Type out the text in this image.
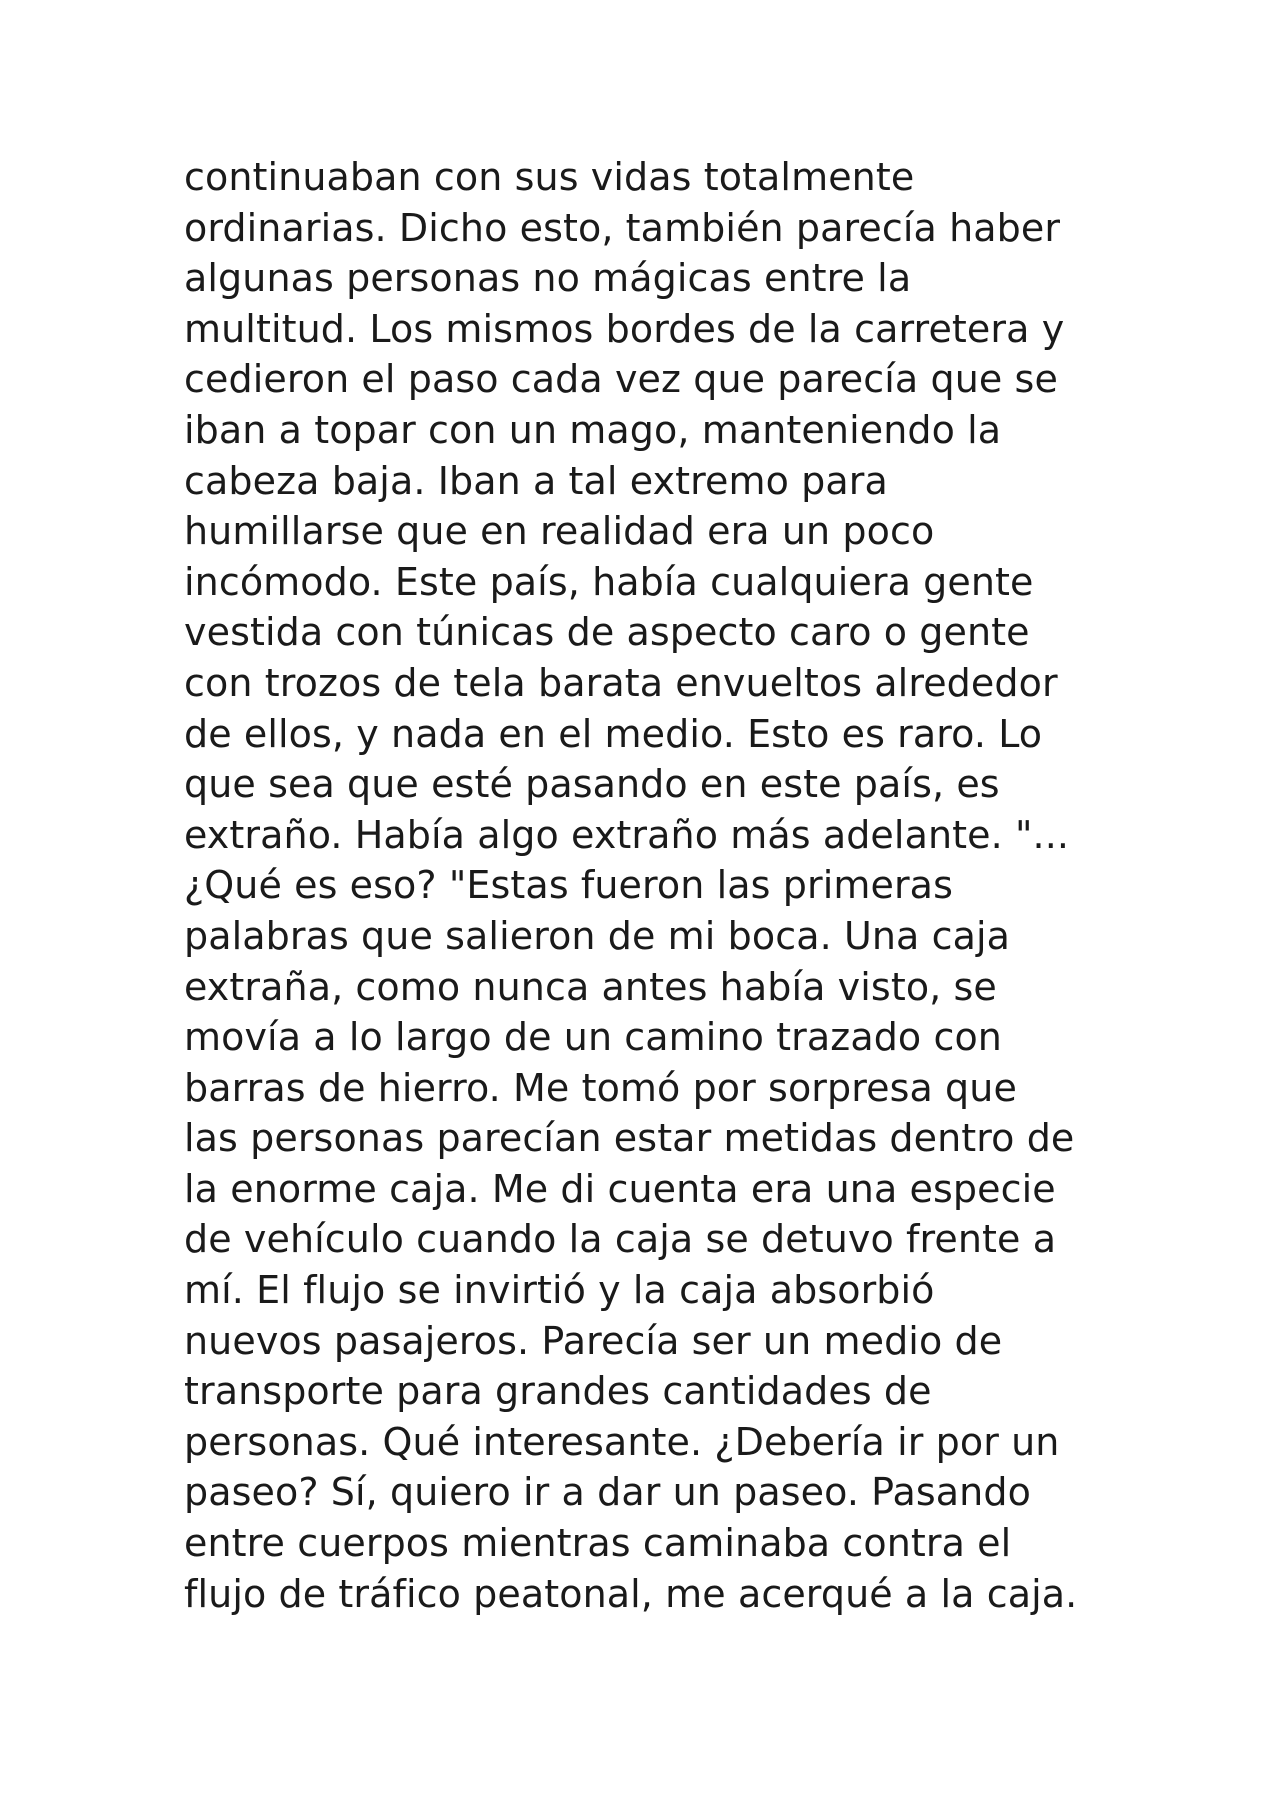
continuaban con sus vidas totalmente
ordinarias. Dicho esto, también parecía haber
algunas personas no mágicas entre la
multitud. Los mismos bordes de la carretera y
cedieron el paso cada vez que parecía que se
iban a topar con un mago, manteniendo la
cabeza baja. Iban a tal extremo para
humillarse que en realidad era un poco
incómodo. Este país, había cualquiera gente
vestida con túnicas de aspecto caro o gente
con trozos de tela barata envueltos alrededor
de ellos, y nada en el medio. Esto es raro. Lo
que sea que esté pasando en este país, es
extraño. Había algo extraño más adelante. "...
¿Qué es eso? "Estas fueron las primeras
palabras que salieron de mi boca. Una caja
extraña, como nunca antes había visto, se
movía a lo largo de un camino trazado con
barras de hierro. Me tomó por sorpresa que
las personas parecían estar metidas dentro de
la enorme caja. Me di cuenta era una especie
de vehículo cuando la caja se detuvo frente a
mí. El flujo se invirtió y la caja absorbió
nuevos pasajeros. Parecía ser un medio de
transporte para grandes cantidades de
personas. Qué interesante. ¿Debería ir por un
paseo? Sí, quiero ir a dar un paseo. Pasando
entre cuerpos mientras caminaba contra el
flujo de tráfico peatonal, me acerqué a la caja.
